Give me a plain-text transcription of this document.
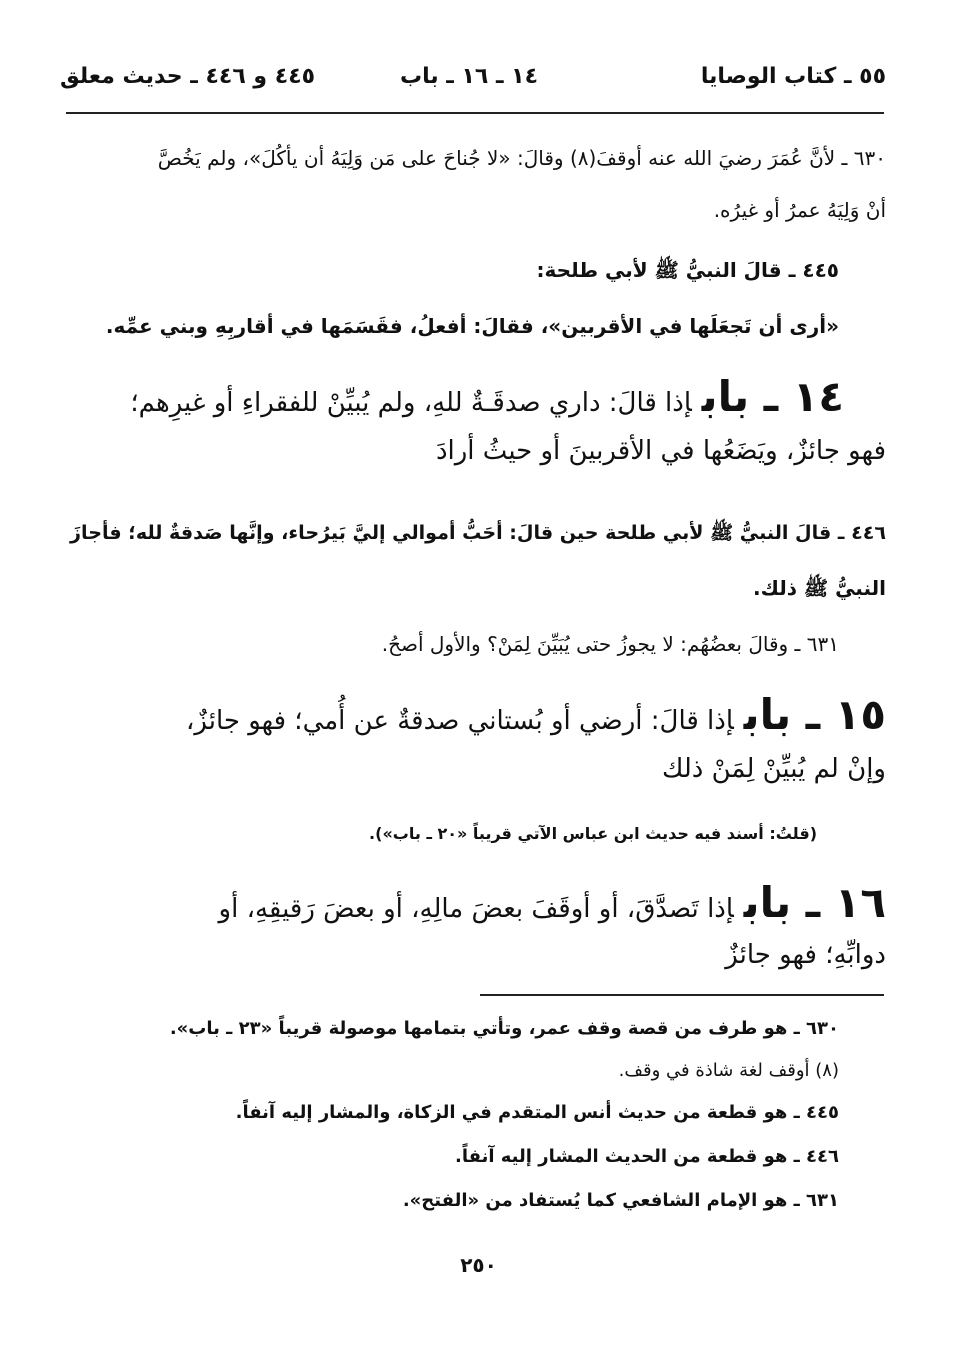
٥٥ ـ كتاب الوصايا
١٤ ـ ١٦ ـ باب
٤٤٥ و ٤٤٦ ـ حديث معلق
٦٣٠ ـ لأنَّ عُمَرَ رضيَ الله عنه أوقفَ(٨) وقالَ: «لا جُناحَ على مَن وَلِيَهُ أن يأكُلَ»، ولم يَخُصَّ
أنْ وَلِيَهُ عمرُ أو غيرُه.
٤٤٥ ـ قالَ النبيُّ ﷺ لأبي طلحة:
«أرى أن تَجعَلَها في الأقربين»، فقالَ: أفعلُ، فقَسَمَها في أقاربِهِ وبني عمِّه.
١٤ ـ بابإذا قالَ: داري صدقَـةٌ للهِ، ولم يُبيِّنْ للفقراءِ أو غيرِهم؛
فهو جائزٌ، ويَضَعُها في الأقربينَ أو حيثُ أرادَ
٤٤٦ ـ قالَ النبيُّ ﷺ لأبي طلحة حين قالَ: أحَبُّ أموالي إليَّ بَيرُحاء، وإنَّها صَدقةٌ لله؛ فأجازَ
النبيُّ ﷺ ذلك.
٦٣١ ـ وقالَ بعضُهُم: لا يجوزُ حتى يُبَيِّنَ لِمَنْ؟ والأول أصحُ.
١٥ ـ بابإذا قالَ: أرضي أو بُستاني صدقةٌ عن أُمي؛ فهو جائزٌ،
وإنْ لم يُبيِّنْ لِمَنْ ذلك
(قلتُ: أسند فيه حديث ابن عباس الآتي قريباً «٢٠ ـ باب»).
١٦ ـ بابإذا تَصدَّقَ، أو أوقَفَ بعضَ مالِهِ، أو بعضَ رَقيقِهِ، أو
دوابِّهِ؛ فهو جائزٌ
٦٣٠ ـ هو طرف من قصة وقف عمر، وتأتي بتمامها موصولة قريباً «٢٣ ـ باب».
(٨) أوقف لغة شاذة في وقف.
٤٤٥ ـ هو قطعة من حديث أنس المتقدم في الزكاة، والمشار إليه آنفاً.
٤٤٦ ـ هو قطعة من الحديث المشار إليه آنفاً.
٦٣١ ـ هو الإمام الشافعي كما يُستفاد من «الفتح».
٢٥٠
